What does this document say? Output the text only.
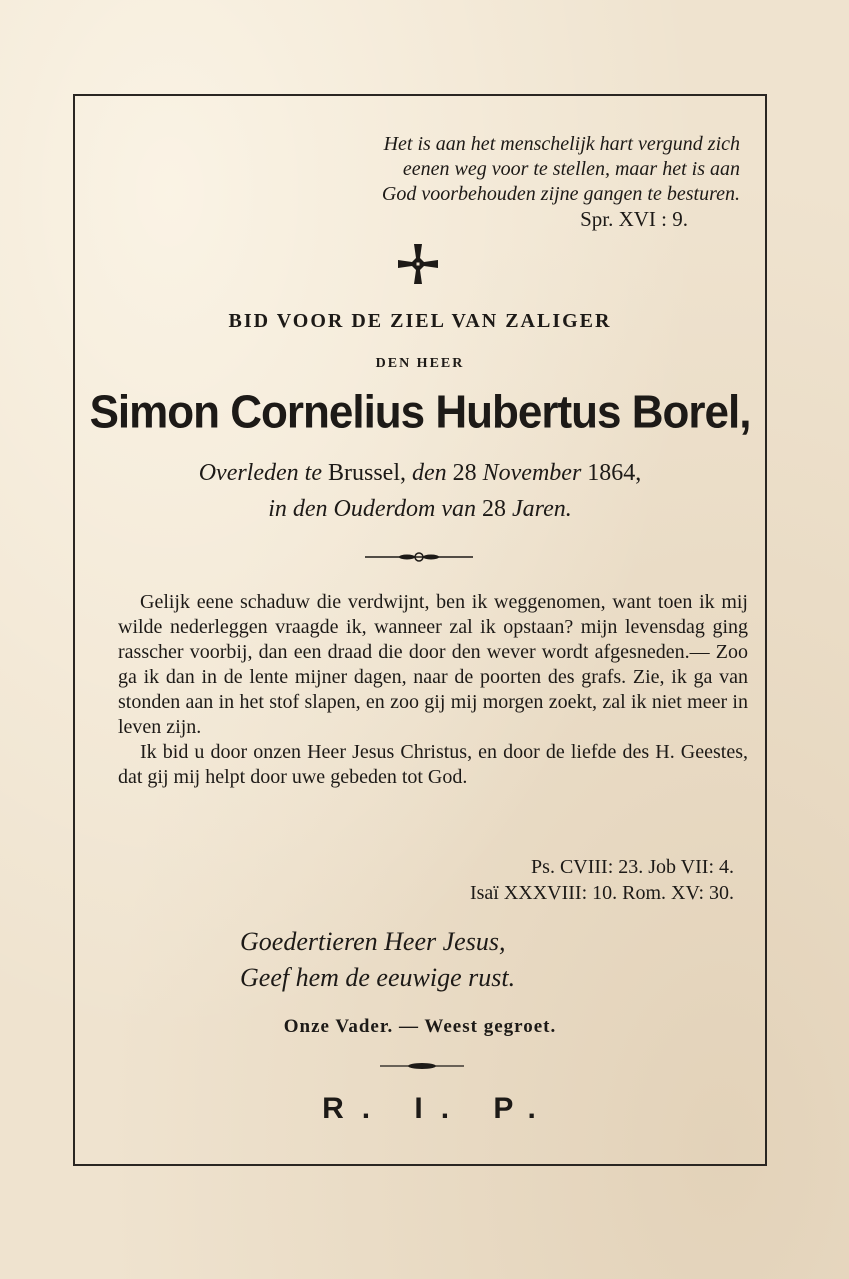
Het is aan het menschelijk hart vergund zich
eenen weg voor te stellen, maar het is aan
God voorbehouden zijne gangen te besturen.
Spr. XVI : 9.
BID VOOR DE ZIEL VAN ZALIGER
DEN HEER
Simon Cornelius Hubertus Borel,
Overleden te Brussel, den 28 November 1864,
in den Ouderdom van 28 Jaren.

Gelijk eene schaduw die verdwijnt, ben ik weggenomen, want toen ik mij wilde nederleggen vraagde ik, wanneer zal ik opstaan? mijn levensdag ging rasscher voorbij, dan een draad die door den wever wordt afgesneden.— Zoo ga ik dan in de lente mijner dagen, naar de poorten des grafs. Zie, ik ga van stonden aan in het stof slapen, en zoo gij mij morgen zoekt, zal ik niet meer in leven zijn.

Ik bid u door onzen Heer Jesus Christus, en door de liefde des H. Geestes, dat gij mij helpt door uwe gebeden tot God.

Ps. CVIII: 23. Job VII: 4.
Isaï XXXVIII: 10. Rom. XV: 30.
Goedertieren Heer Jesus,
Geef hem de eeuwige rust.
Onze Vader. — Weest gegroet.
R. I. P.
